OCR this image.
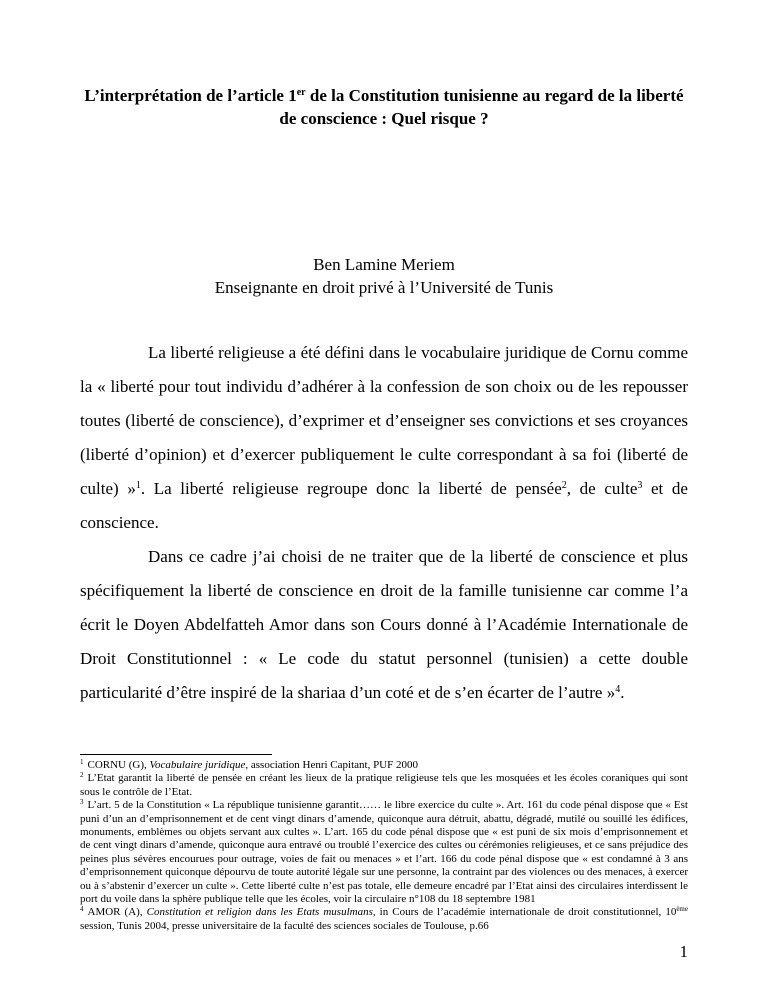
L’interprétation de l’article 1er de la Constitution tunisienne au regard de la liberté de conscience : Quel risque ?
Ben Lamine Meriem
Enseignante en droit privé à l’Université de Tunis

La liberté religieuse a été défini dans le vocabulaire juridique de Cornu comme la « liberté pour tout individu d’adhérer à la confession de son choix ou de les repousser toutes (liberté de conscience), d’exprimer et d’enseigner ses convictions et ses croyances (liberté d’opinion) et d’exercer publiquement le culte correspondant à sa foi (liberté de culte) »$^1$. La liberté religieuse regroupe donc la liberté de pensée$^2$, de culte$^3$ et de conscience.

Dans ce cadre j’ai choisi de ne traiter que de la liberté de conscience et plus spécifiquement la liberté de conscience en droit de la famille tunisienne car comme l’a écrit le Doyen Abdelfatteh Amor dans son Cours donné à l’Académie Internationale de Droit Constitutionnel : « Le code du statut personnel (tunisien) a cette double particularité d’être inspiré de la shariaa d’un coté et de s’en écarter de l’autre »$^4$.

$^1$ CORNU (G), Vocabulaire juridique, association Henri Capitant, PUF 2000

$^2$ L’Etat garantit la liberté de pensée en créant les lieux de la pratique religieuse tels que les mosquées et les écoles coraniques qui sont sous le contrôle de l’Etat.

$^3$ L’art. 5 de la Constitution « La république tunisienne garantit…… le libre exercice du culte ». Art. 161 du code pénal dispose que « Est puni d’un an d’emprisonnement et de cent vingt dinars d’amende, quiconque aura détruit, abattu, dégradé, mutilé ou souillé les édifices, monuments, emblèmes ou objets servant aux cultes ». L’art. 165 du code pénal dispose que « est puni de six mois d’emprisonnement et de cent vingt dinars d’amende, quiconque aura entravé ou troublé l’exercice des cultes ou cérémonies religieuses, et ce sans préjudice des peines plus sévères encourues pour outrage, voies de fait ou menaces » et l’art. 166 du code pénal dispose que « est condamné à 3 ans d’emprisonnement quiconque dépourvu de toute autorité légale sur une personne, la contraint par des violences ou des menaces, à exercer ou à s’abstenir d’exercer un culte ». Cette liberté culte n’est pas totale, elle demeure encadré par l’Etat ainsi des circulaires interdissent le port du voile dans la sphère publique telle que les écoles, voir la circulaire n°108 du 18 septembre 1981

$^4$ AMOR (A), Constitution et religion dans les Etats musulmans, in Cours de l’académie internationale de droit constitutionnel, 10ème session, Tunis 2004, presse universitaire de la faculté des sciences sociales de Toulouse, p.66

1
